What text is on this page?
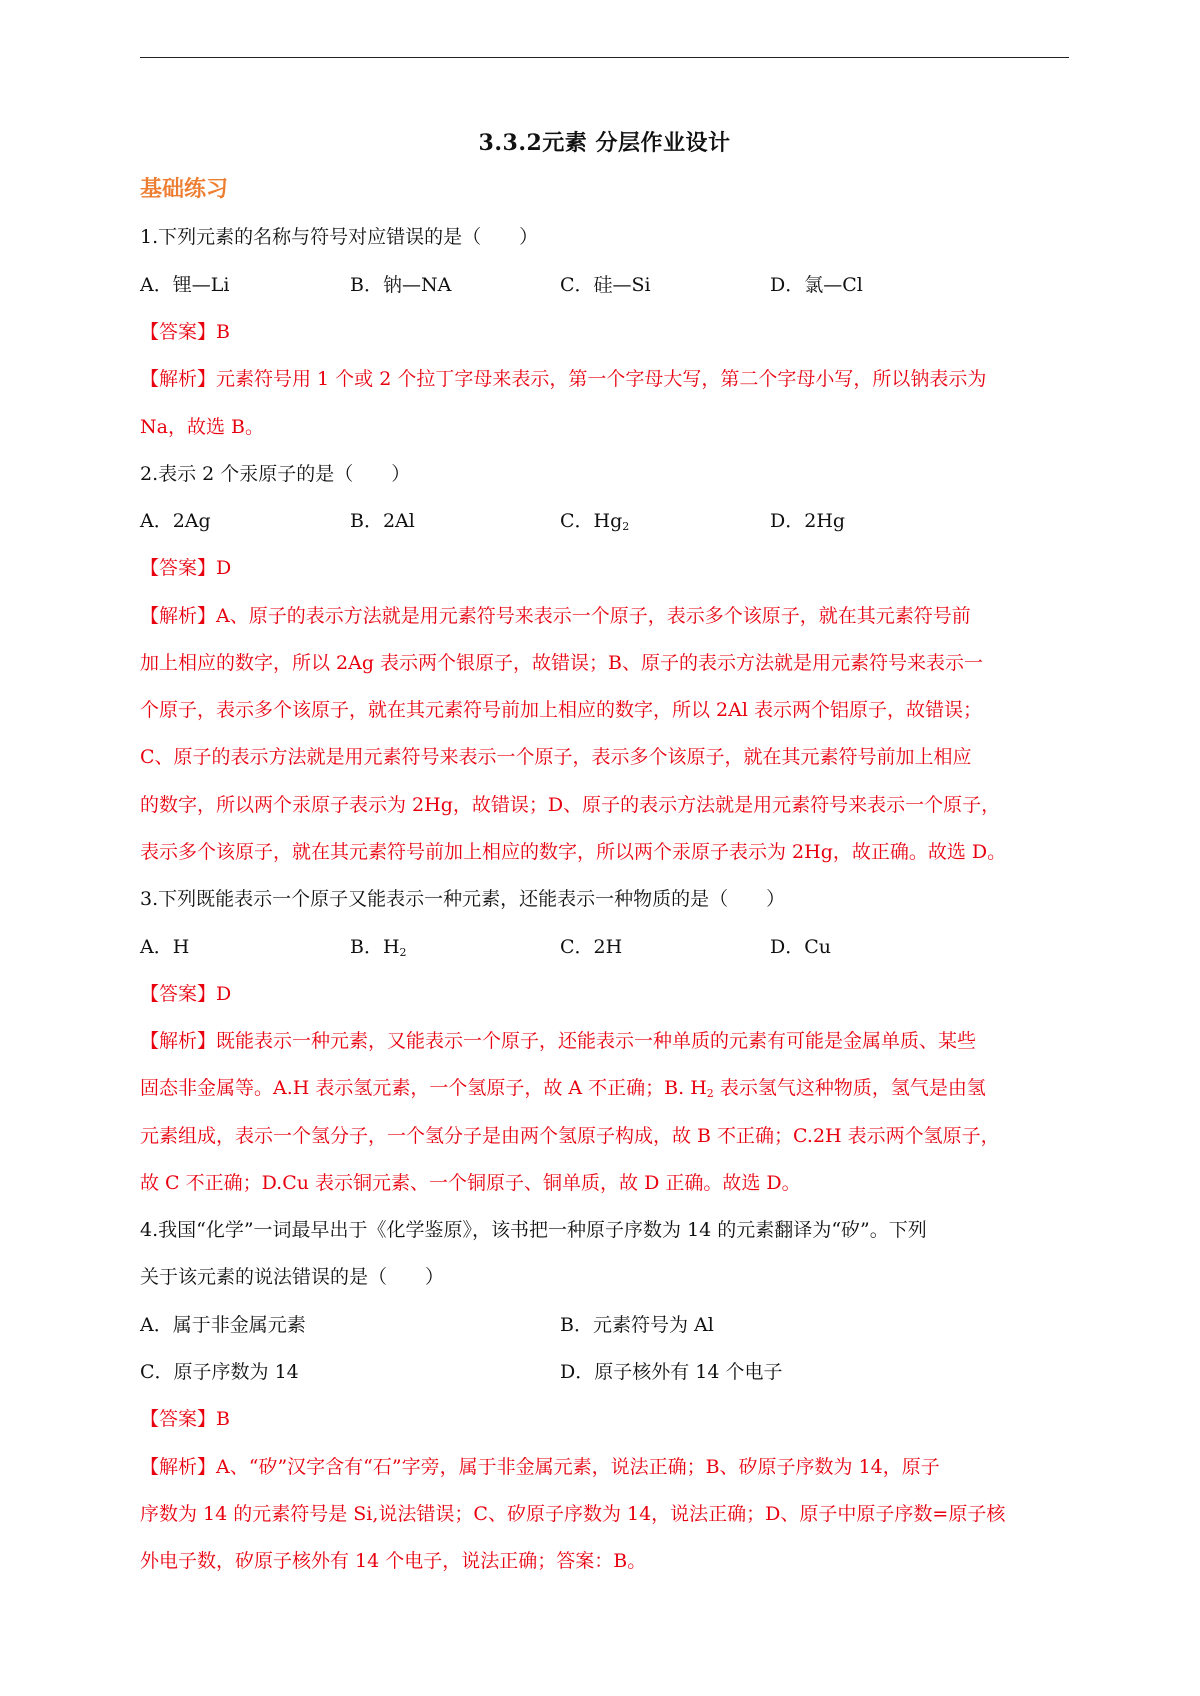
3.3.2元素 分层作业设计
基础练习
1.下列元素的名称与符号对应错误的是（　　）
A．锂—Li	B．钠—NA	C．硅—Si	D．氯—Cl
【答案】B
【解析】元素符号用 1 个或 2 个拉丁字母来表示，第一个字母大写，第二个字母小写，所以钠表示为
Na，故选 B。
2.表示 2 个汞原子的是（　　）
A．2Ag	B．2Al	C．$Hg_2$	D．2Hg
【答案】D
【解析】A、原子的表示方法就是用元素符号来表示一个原子，表示多个该原子，就在其元素符号前
加上相应的数字，所以 2Ag 表示两个银原子，故错误；B、原子的表示方法就是用元素符号来表示一
个原子，表示多个该原子，就在其元素符号前加上相应的数字，所以 2Al 表示两个铝原子，故错误；
C、原子的表示方法就是用元素符号来表示一个原子，表示多个该原子，就在其元素符号前加上相应
的数字，所以两个汞原子表示为 2Hg，故错误；D、原子的表示方法就是用元素符号来表示一个原子，
表示多个该原子，就在其元素符号前加上相应的数字，所以两个汞原子表示为 2Hg，故正确。故选 D。
3.下列既能表示一个原子又能表示一种元素，还能表示一种物质的是（　　）
A．H	B．$H_2$	C．2H	D．Cu
【答案】D
【解析】既能表示一种元素，又能表示一个原子，还能表示一种单质的元素有可能是金属单质、某些
固态非金属等。A.H 表示氢元素，一个氢原子，故 A 不正确；B. $H_2$ 表示氢气这种物质，氢气是由氢
元素组成，表示一个氢分子，一个氢分子是由两个氢原子构成，故 B 不正确；C.2H 表示两个氢原子，
故 C 不正确；D.Cu 表示铜元素、一个铜原子、铜单质，故 D 正确。故选 D。
4.我国“化学”一词最早出于《化学鉴原》，该书把一种原子序数为 14 的元素翻译为“矽”。下列
关于该元素的说法错误的是（　　）
A．属于非金属元素	B．元素符号为 Al
C．原子序数为 14	D．原子核外有 14 个电子
【答案】B
【解析】A、“矽”汉字含有“石”字旁，属于非金属元素，说法正确；B、矽原子序数为 14，原子
序数为 14 的元素符号是 Si,说法错误；C、矽原子序数为 14，说法正确；D、原子中原子序数=原子核
外电子数，矽原子核外有 14 个电子，说法正确；答案：B。
